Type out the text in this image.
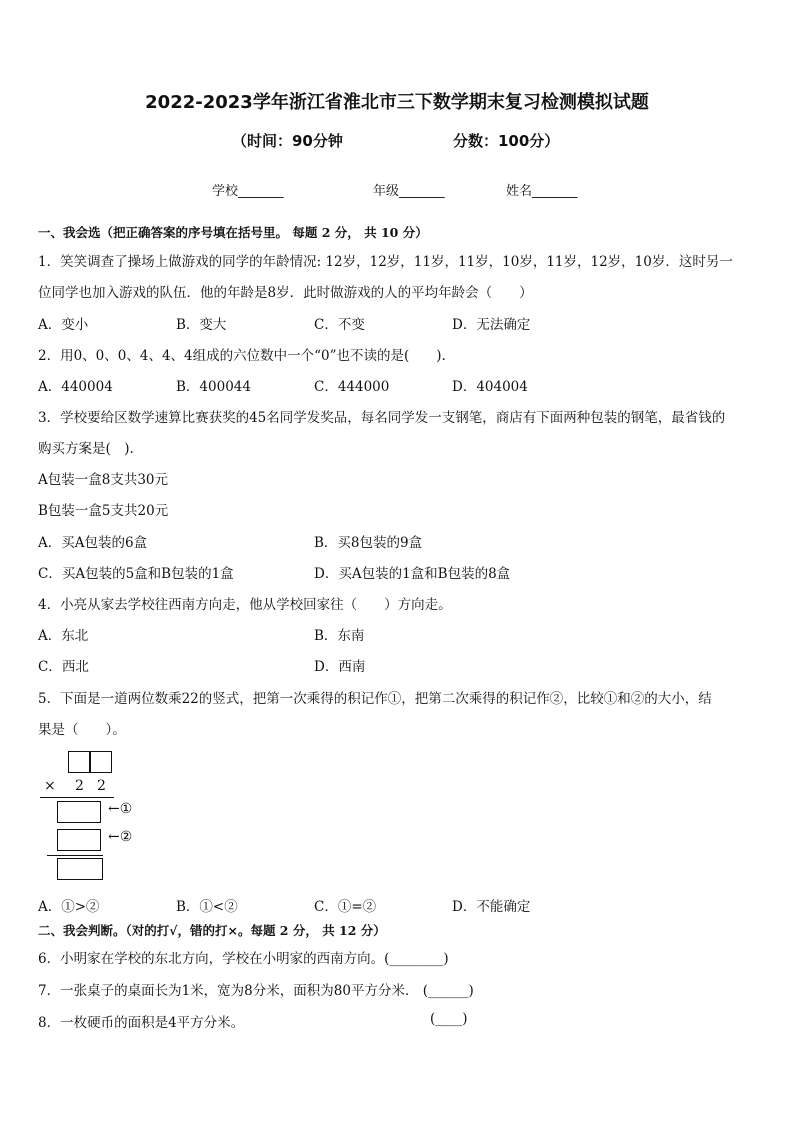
2022-2023学年浙江省淮北市三下数学期末复习检测模拟试题
（时间：90分钟	分数：100分）
学校_______	年级_______	姓名_______
一、我会选（把正确答案的序号填在括号里。 每题 2 分， 共 10 分）
1．笑笑调查了操场上做游戏的同学的年龄情况: 12岁，12岁，11岁，11岁，10岁，11岁，12岁，10岁．这时另一
位同学也加入游戏的队伍．他的年龄是8岁．此时做游戏的人的平均年龄会（　　）
A．变小	B．变大	C．不变	D．无法确定
2．用0、0、0、4、4、4组成的六位数中一个“0”也不读的是(　　).
A．440004	B．400044	C．444000	D．404004
3．学校要给区数学速算比赛获奖的45名同学发奖品，每名同学发一支钢笔，商店有下面两种包装的钢笔，最省钱的
购买方案是(　).
A包装一盒8支共30元
B包装一盒5支共20元
A．买A包装的6盒	B．买8包装的9盒
C．买A包装的5盒和B包装的1盒	D．买A包装的1盒和B包装的8盒
4．小亮从家去学校往西南方向走，他从学校回家往（　　）方向走。
A．东北	B．东南
C．西北	D．西南
5．下面是一道两位数乘22的竖式，把第一次乘得的积记作①，把第二次乘得的积记作②，比较①和②的大小，结
果是（　　）。
× 2 2
←①
←②
A．①>②	B．①<②	C．①=②	D．不能确定
二、我会判断。（对的打√，错的打×。每题 2 分， 共 12 分）
6．小明家在学校的东北方向，学校在小明家的西南方向。(________)
7．一张桌子的桌面长为1米，宽为8分米，面积为80平方分米． (______)
8．一枚硬币的面积是4平方分米。	(____)
